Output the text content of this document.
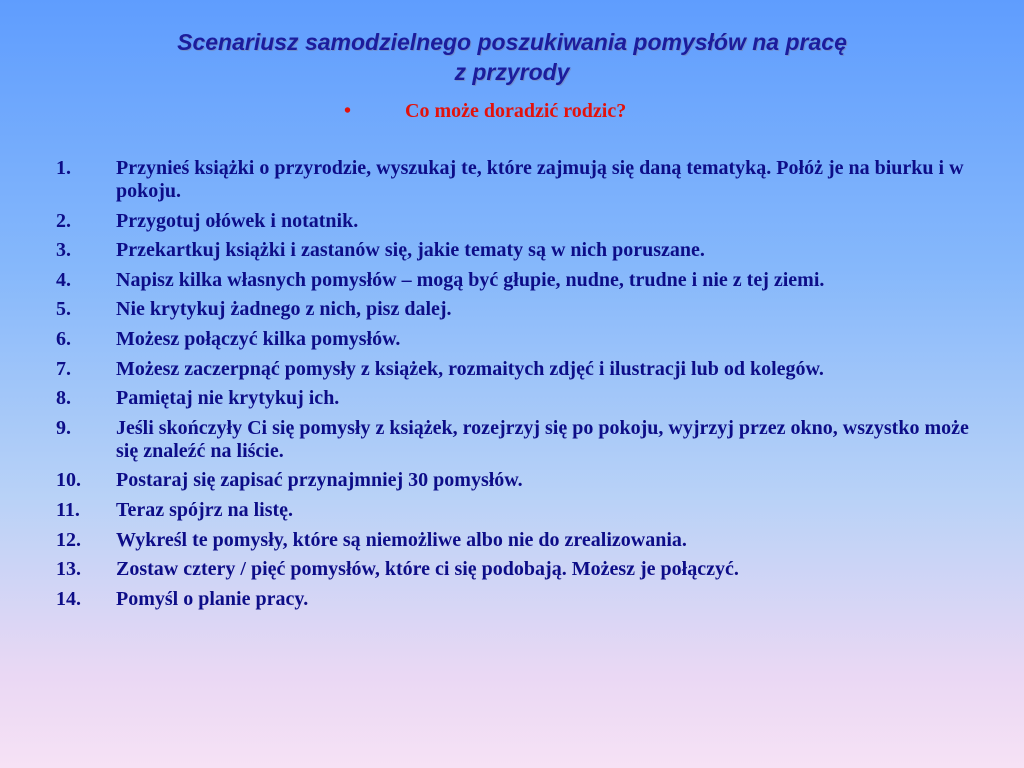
Scenariusz samodzielnego poszukiwania pomysłów na pracę
z przyrody
•	Co może doradzić rodzic?
1. Przynieś książki o przyrodzie, wyszukaj te, które zajmują się daną tematyką. Połóż je na biurku i w pokoju.
2. Przygotuj ołówek i notatnik.
3. Przekartkuj książki i zastanów się, jakie tematy są w nich poruszane.
4. Napisz kilka własnych pomysłów – mogą być głupie, nudne, trudne i nie z tej ziemi.
5. Nie krytykuj żadnego z nich, pisz dalej.
6. Możesz połączyć kilka pomysłów.
7. Możesz zaczerpnąć pomysły z książek, rozmaitych zdjęć i ilustracji lub od kolegów.
8. Pamiętaj nie krytykuj ich.
9. Jeśli skończyły Ci się pomysły z książek, rozejrzyj się po pokoju, wyjrzyj przez okno, wszystko może się znaleźć na liście.
10. Postaraj się zapisać przynajmniej 30 pomysłów.
11. Teraz spójrz na listę.
12. Wykreśl te pomysły, które są niemożliwe albo nie do zrealizowania.
13. Zostaw cztery / pięć pomysłów, które ci się podobają. Możesz je połączyć.
14. Pomyśl o planie pracy.
